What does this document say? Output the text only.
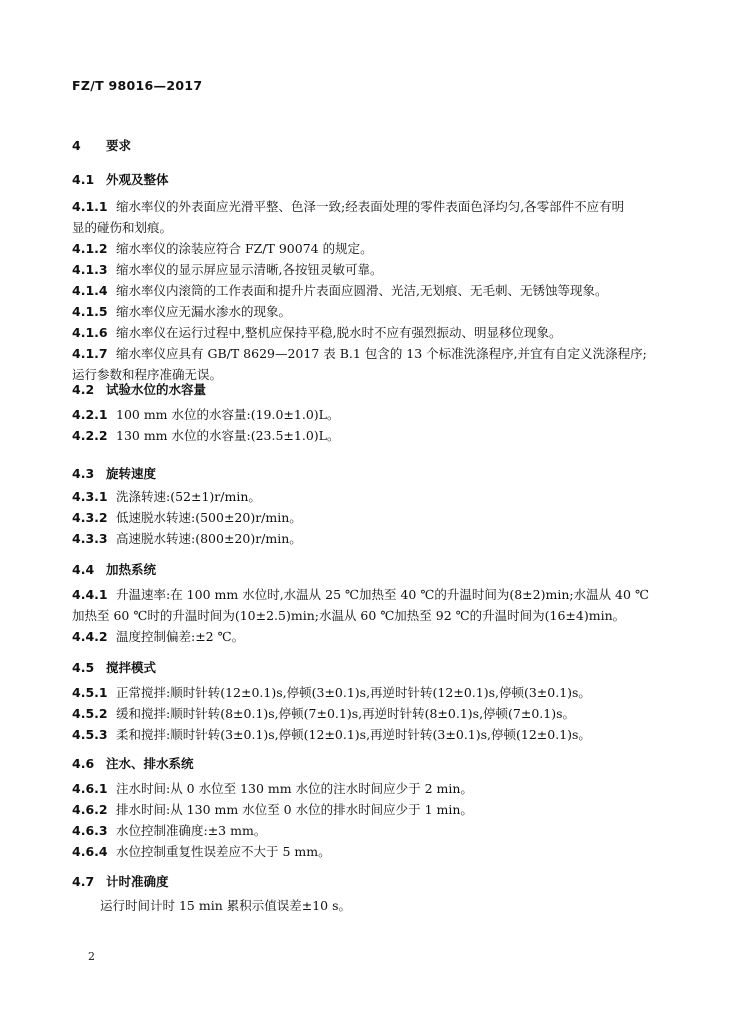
FZ/T 98016—2017
4 要求
4.1 外观及整体
4.1.1 缩水率仪的外表面应光滑平整、色泽一致;经表面处理的零件表面色泽均匀,各零部件不应有明
显的碰伤和划痕。
4.1.2 缩水率仪的涂装应符合 FZ/T 90074 的规定。
4.1.3 缩水率仪的显示屏应显示清晰,各按钮灵敏可靠。
4.1.4 缩水率仪内滚筒的工作表面和提升片表面应圆滑、光洁,无划痕、无毛刺、无锈蚀等现象。
4.1.5 缩水率仪应无漏水渗水的现象。
4.1.6 缩水率仪在运行过程中,整机应保持平稳,脱水时不应有强烈振动、明显移位现象。
4.1.7 缩水率仪应具有 GB/T 8629—2017 表 B.1 包含的 13 个标准洗涤程序,并宜有自定义洗涤程序;
运行参数和程序准确无误。
4.2 试验水位的水容量
4.2.1 100 mm 水位的水容量:(19.0±1.0)L。
4.2.2 130 mm 水位的水容量:(23.5±1.0)L。
4.3 旋转速度
4.3.1 洗涤转速:(52±1)r/min。
4.3.2 低速脱水转速:(500±20)r/min。
4.3.3 高速脱水转速:(800±20)r/min。
4.4 加热系统
4.4.1 升温速率:在 100 mm 水位时,水温从 25 ℃加热至 40 ℃的升温时间为(8±2)min;水温从 40 ℃
加热至 60 ℃时的升温时间为(10±2.5)min;水温从 60 ℃加热至 92 ℃的升温时间为(16±4)min。
4.4.2 温度控制偏差:±2 ℃。
4.5 搅拌模式
4.5.1 正常搅拌:顺时针转(12±0.1)s,停顿(3±0.1)s,再逆时针转(12±0.1)s,停顿(3±0.1)s。
4.5.2 缓和搅拌:顺时针转(8±0.1)s,停顿(7±0.1)s,再逆时针转(8±0.1)s,停顿(7±0.1)s。
4.5.3 柔和搅拌:顺时针转(3±0.1)s,停顿(12±0.1)s,再逆时针转(3±0.1)s,停顿(12±0.1)s。
4.6 注水、排水系统
4.6.1 注水时间:从 0 水位至 130 mm 水位的注水时间应少于 2 min。
4.6.2 排水时间:从 130 mm 水位至 0 水位的排水时间应少于 1 min。
4.6.3 水位控制准确度:±3 mm。
4.6.4 水位控制重复性误差应不大于 5 mm。
4.7 计时准确度
运行时间计时 15 min 累积示值误差±10 s。
2
